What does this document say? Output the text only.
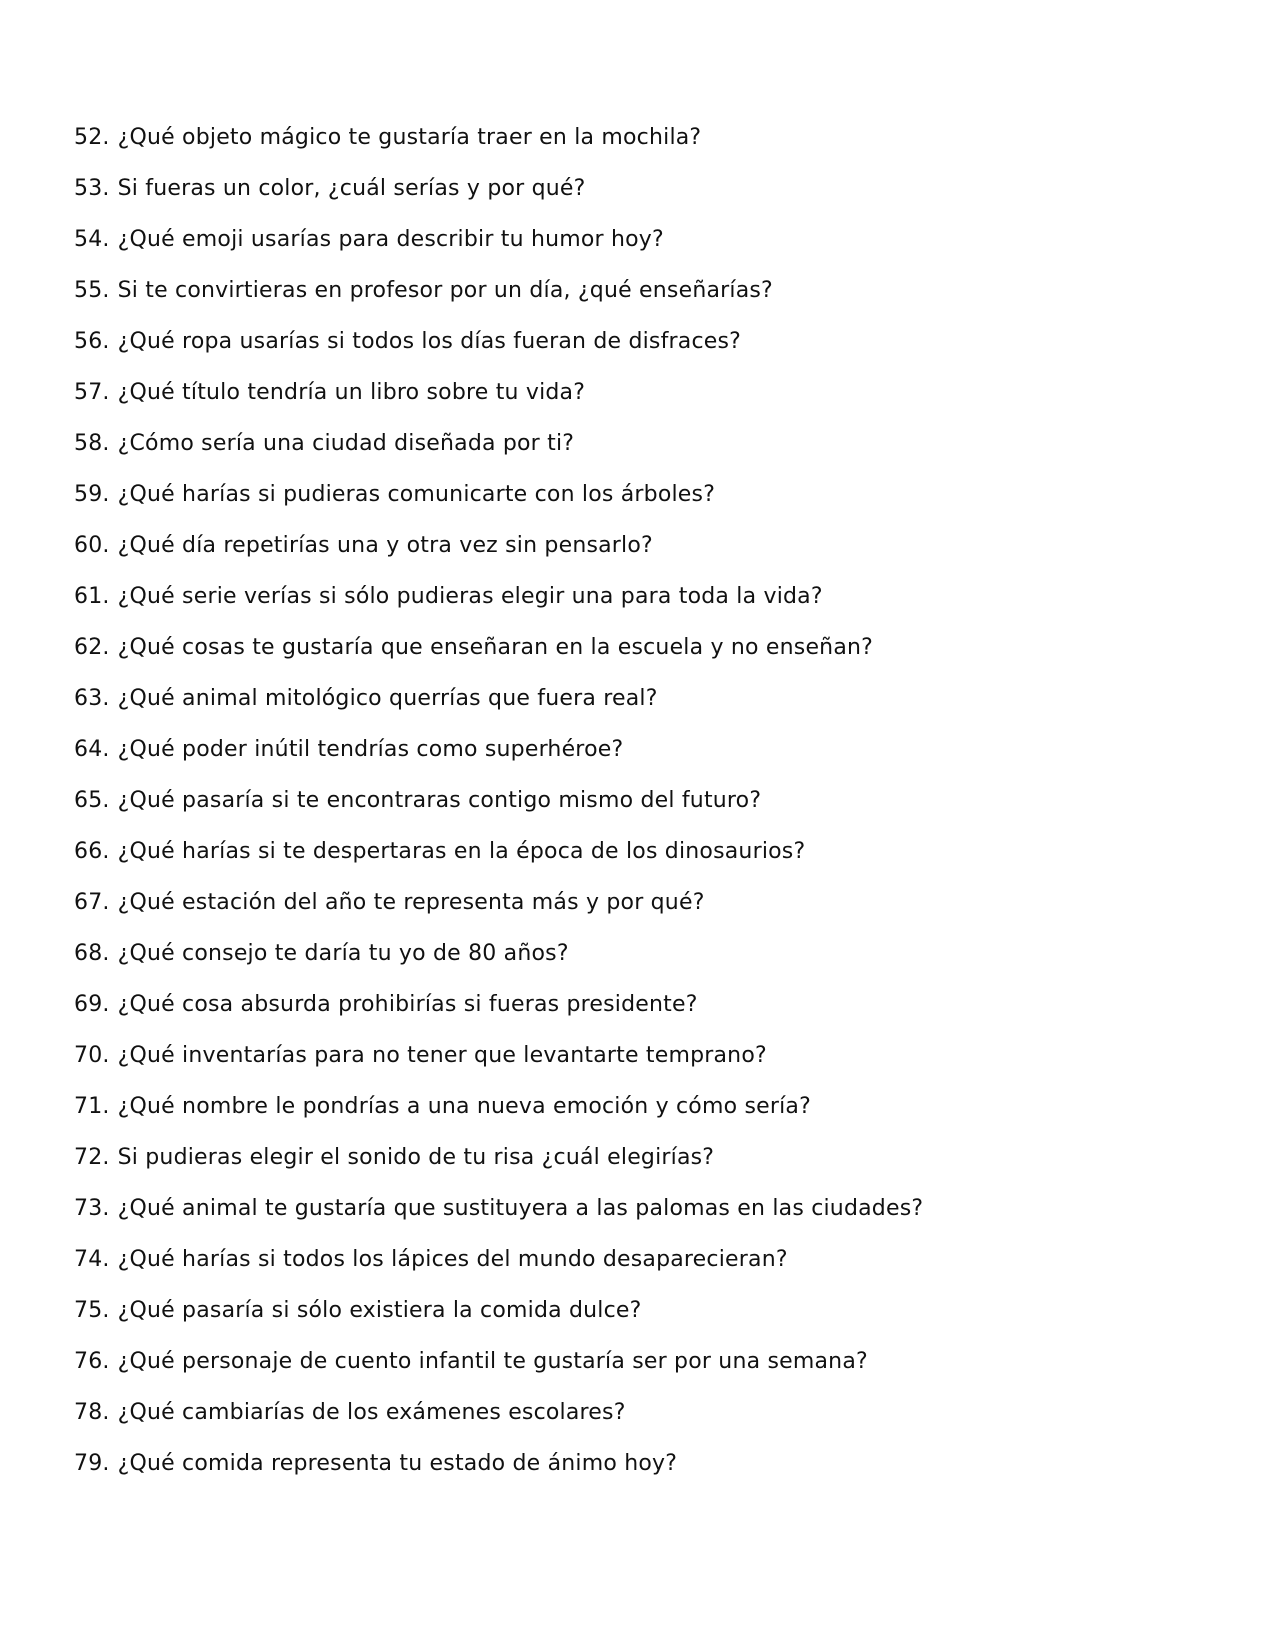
52. ¿Qué objeto mágico te gustaría traer en la mochila?
53. Si fueras un color, ¿cuál serías y por qué?
54. ¿Qué emoji usarías para describir tu humor hoy?
55. Si te convirtieras en profesor por un día, ¿qué enseñarías?
56. ¿Qué ropa usarías si todos los días fueran de disfraces?
57. ¿Qué título tendría un libro sobre tu vida?
58. ¿Cómo sería una ciudad diseñada por ti?
59. ¿Qué harías si pudieras comunicarte con los árboles?
60. ¿Qué día repetirías una y otra vez sin pensarlo?
61. ¿Qué serie verías si sólo pudieras elegir una para toda la vida?
62. ¿Qué cosas te gustaría que enseñaran en la escuela y no enseñan?
63. ¿Qué animal mitológico querrías que fuera real?
64. ¿Qué poder inútil tendrías como superhéroe?
65. ¿Qué pasaría si te encontraras contigo mismo del futuro?
66. ¿Qué harías si te despertaras en la época de los dinosaurios?
67. ¿Qué estación del año te representa más y por qué?
68. ¿Qué consejo te daría tu yo de 80 años?
69. ¿Qué cosa absurda prohibirías si fueras presidente?
70. ¿Qué inventarías para no tener que levantarte temprano?
71. ¿Qué nombre le pondrías a una nueva emoción y cómo sería?
72. Si pudieras elegir el sonido de tu risa ¿cuál elegirías?
73. ¿Qué animal te gustaría que sustituyera a las palomas en las ciudades?
74. ¿Qué harías si todos los lápices del mundo desaparecieran?
75. ¿Qué pasaría si sólo existiera la comida dulce?
76. ¿Qué personaje de cuento infantil te gustaría ser por una semana?
78. ¿Qué cambiarías de los exámenes escolares?
79. ¿Qué comida representa tu estado de ánimo hoy?
